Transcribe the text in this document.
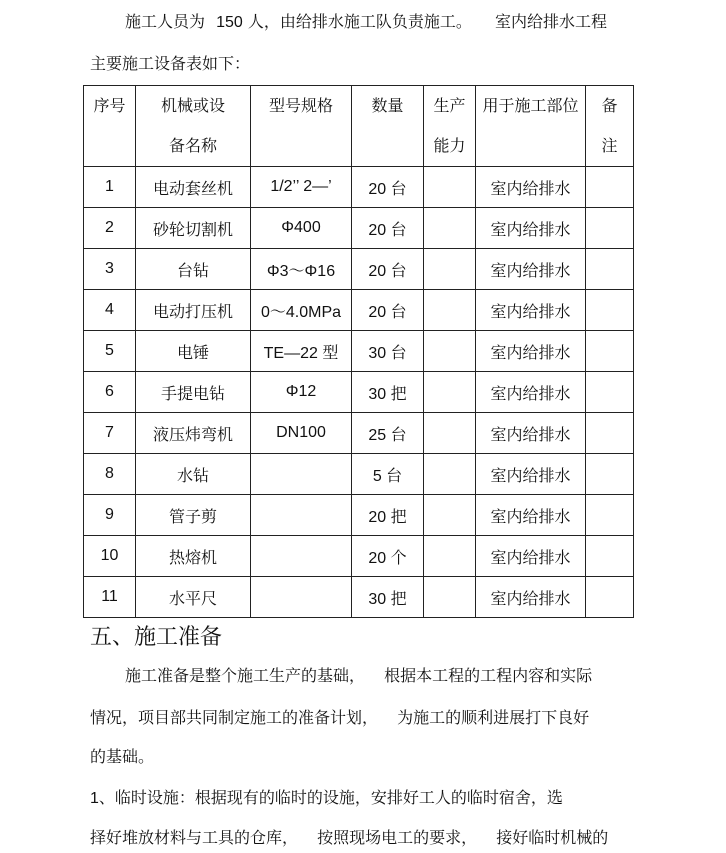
施工人员为 150 人，由给排水施工队负责施工。 室内给排水工程
主要施工设备表如下：
序号	机械或设备名称	型号规格	数量	生产能力	用于施工部位	备注
1	电动套丝机	1/2’’ 2—’	20 台		室内给排水	
2	砂轮切割机	Φ400	20 台		室内给排水	
3	台钻	Φ3～Φ16	20 台		室内给排水	
4	电动打压机	0～4.0MPa	20 台		室内给排水	
5	电锤	TE—22 型	30 台		室内给排水	
6	手提电钻	Φ12	30 把		室内给排水	
7	液压炜弯机	DN100	25 台		室内给排水	
8	水钻		5 台		室内给排水	
9	管子剪		20 把		室内给排水	
10	热熔机		20 个		室内给排水	
11	水平尺		30 把		室内给排水	
五、施工准备
施工准备是整个施工生产的基础， 根据本工程的工程内容和实际
情况，项目部共同制定施工的准备计划， 为施工的顺利进展打下良好
的基础。
1、临时设施：根据现有的临时的设施，安排好工人的临时宿舍，选
择好堆放材料与工具的仓库， 按照现场电工的要求， 接好临时机械的
